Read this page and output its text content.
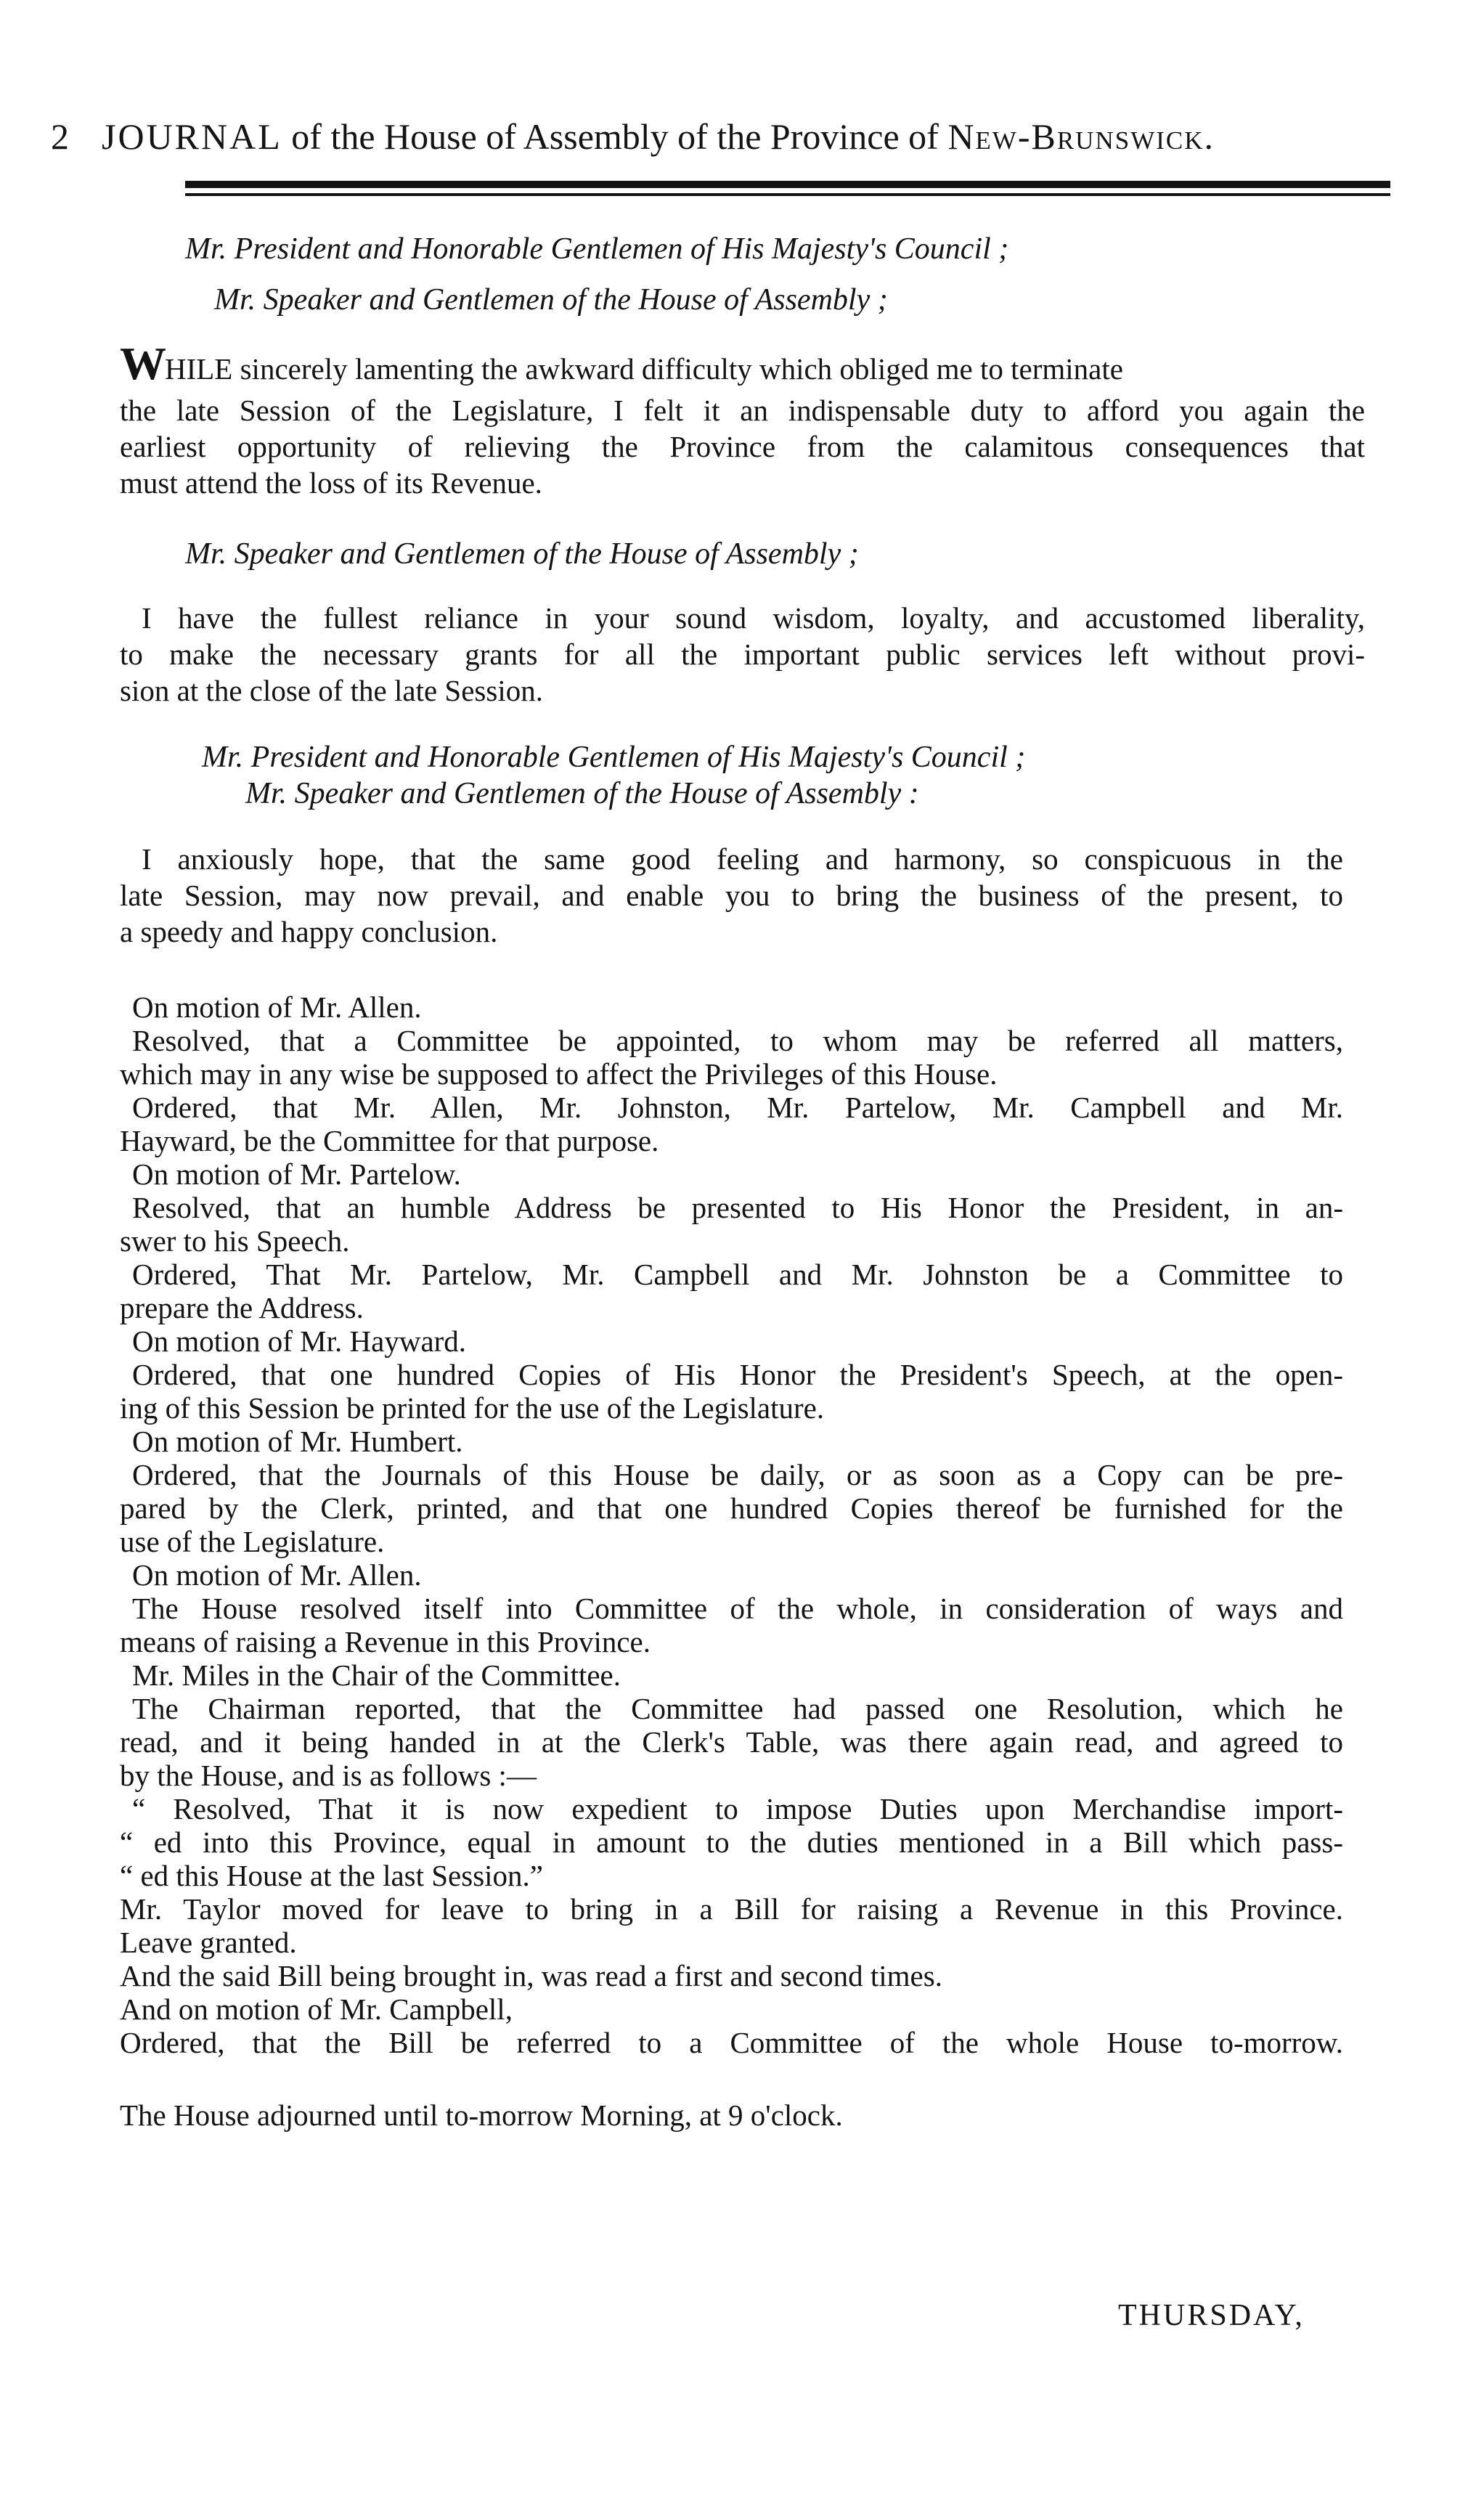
2 JOURNAL of the House of Assembly of the Province of New-Brunswick.
Mr. President and Honorable Gentlemen of His Majesty's Council ;
Mr. Speaker and Gentlemen of the House of Assembly ;
WHILE sincerely lamenting the awkward difficulty which obliged me to terminate
the late Session of the Legislature, I felt it an indispensable duty to afford you again the
earliest opportunity of relieving the Province from the calamitous consequences that
must attend the loss of its Revenue.
Mr. Speaker and Gentlemen of the House of Assembly ;
I have the fullest reliance in your sound wisdom, loyalty, and accustomed liberality,
to make the necessary grants for all the important public services left without provi-
sion at the close of the late Session.
Mr. President and Honorable Gentlemen of His Majesty's Council ;
Mr. Speaker and Gentlemen of the House of Assembly :
I anxiously hope, that the same good feeling and harmony, so conspicuous in the
late Session, may now prevail, and enable you to bring the business of the present, to
a speedy and happy conclusion.
On motion of Mr. Allen.
Resolved, that a Committee be appointed, to whom may be referred all matters,
which may in any wise be supposed to affect the Privileges of this House.
Ordered, that Mr. Allen, Mr. Johnston, Mr. Partelow, Mr. Campbell and Mr.
Hayward, be the Committee for that purpose.
On motion of Mr. Partelow.
Resolved, that an humble Address be presented to His Honor the President, in an-
swer to his Speech.
Ordered, That Mr. Partelow, Mr. Campbell and Mr. Johnston be a Committee to
prepare the Address.
On motion of Mr. Hayward.
Ordered, that one hundred Copies of His Honor the President's Speech, at the open-
ing of this Session be printed for the use of the Legislature.
On motion of Mr. Humbert.
Ordered, that the Journals of this House be daily, or as soon as a Copy can be pre-
pared by the Clerk, printed, and that one hundred Copies thereof be furnished for the
use of the Legislature.
On motion of Mr. Allen.
The House resolved itself into Committee of the whole, in consideration of ways and
means of raising a Revenue in this Province.
Mr. Miles in the Chair of the Committee.
The Chairman reported, that the Committee had passed one Resolution, which he
read, and it being handed in at the Clerk's Table, was there again read, and agreed to
by the House, and is as follows :—
“ Resolved, That it is now expedient to impose Duties upon Merchandise import-
“ ed into this Province, equal in amount to the duties mentioned in a Bill which pass-
“ ed this House at the last Session.”
Mr. Taylor moved for leave to bring in a Bill for raising a Revenue in this Province.
Leave granted.
And the said Bill being brought in, was read a first and second times.
And on motion of Mr. Campbell,
Ordered, that the Bill be referred to a Committee of the whole House to-morrow.
The House adjourned until to-morrow Morning, at 9 o'clock.
THURSDAY,
